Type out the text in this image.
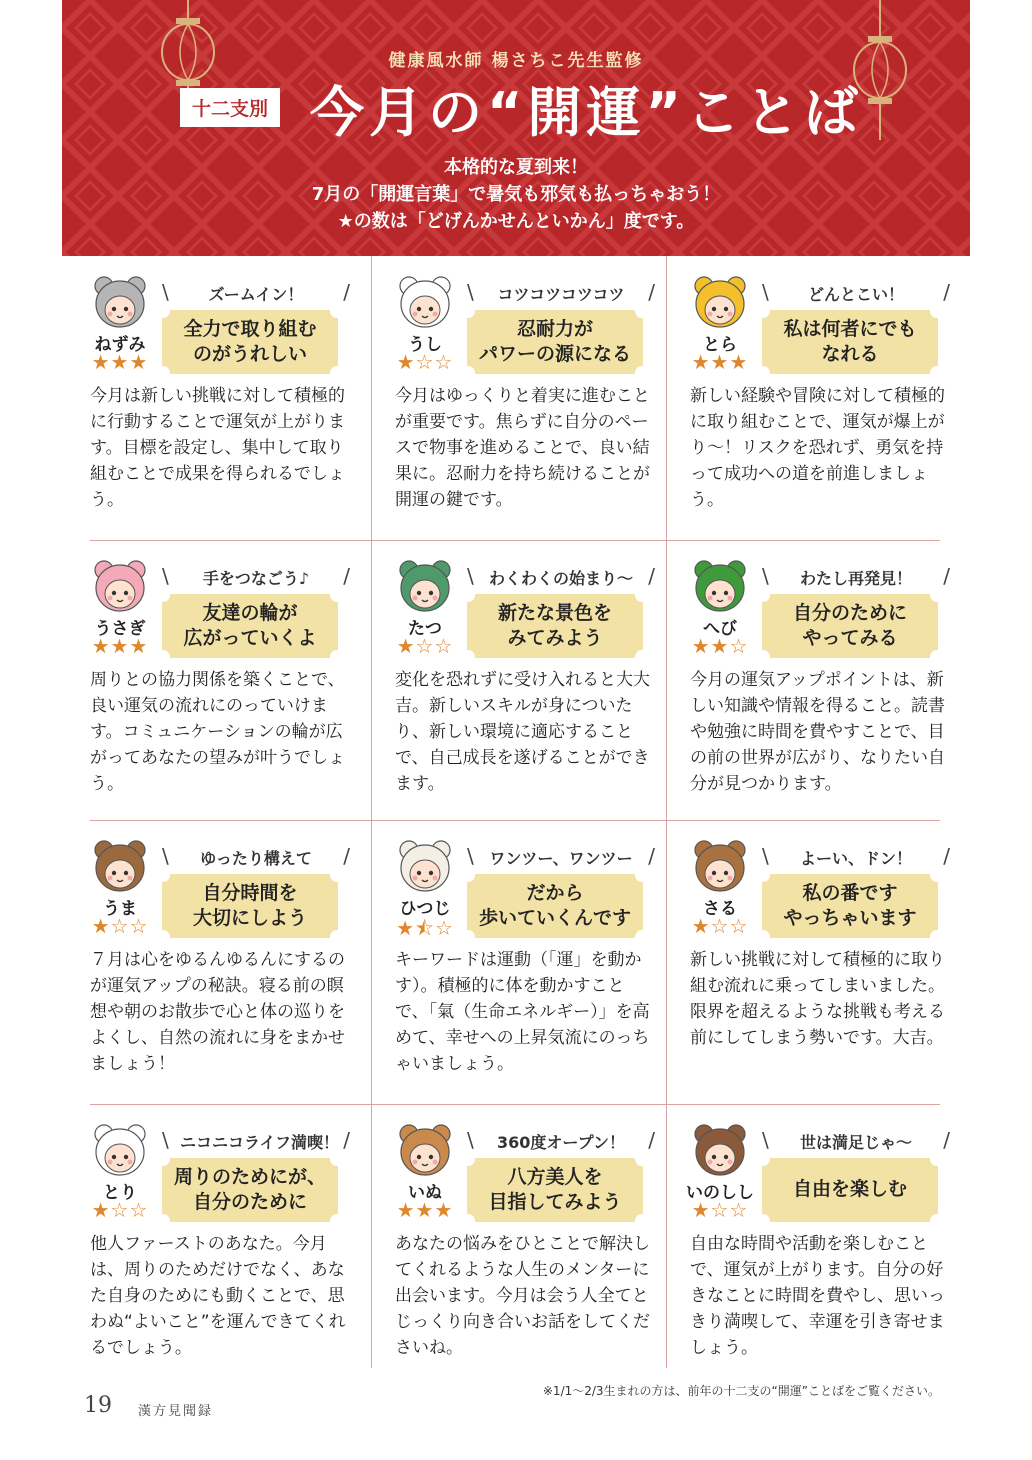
健康風水師 楊さちこ先生監修
十二支別 今月の“開運”ことば
本格的な夏到来！
7月の「開運言葉」で暑気も邪気も払っちゃおう！
★の数は「どげんかせんといかん」度です。
ねずみ
★★★
\	ズームイン！	/
全力で取り組む
のがうれしい
今月は新しい挑戦に対して積極的に行動することで運気が上がります。目標を設定し、集中して取り組むことで成果を得られるでしょう。
うし
★☆☆
\	コツコツコツコツ	/
忍耐力が
パワーの源になる
今月はゆっくりと着実に進むことが重要です。焦らずに自分のペースで物事を進めることで、良い結果に。忍耐力を持ち続けることが開運の鍵です。
とら
★★★
\	どんとこい！	/
私は何者にでも
なれる
新しい経験や冒険に対して積極的に取り組むことで、運気が爆上がり〜！リスクを恐れず、勇気を持って成功への道を前進しましょう。
うさぎ
★★★
\	手をつなごう♪	/
友達の輪が
広がっていくよ
周りとの協力関係を築くことで、良い運気の流れにのっていけます。コミュニケーションの輪が広がってあなたの望みが叶うでしょう。
たつ
★☆☆
\ わくわくの始まり〜 /
新たな景色を
みてみよう
変化を恐れずに受け入れると大大吉。新しいスキルが身についたり、新しい環境に適応することで、自己成長を遂げることができます。
へび
★★☆
\	わたし再発見！	/
自分のために
やってみる
今月の運気アップポイントは、新しい知識や情報を得ること。読書や勉強に時間を費やすことで、目の前の世界が広がり、なりたい自分が見つかります。
うま
★☆☆
\	ゆったり構えて	/
自分時間を
大切にしよう
７月は心をゆるんゆるんにするのが運気アップの秘訣。寝る前の瞑想や朝のお散歩で心と体の巡りをよくし、自然の流れに身をまかせましょう！
ひつじ
★⯪☆
\ ワンツー、ワンツー /
だから
歩いていくんです
キーワードは運動（「運」を動かす）。積極的に体を動かすことで、「氣（生命エネルギー）」を高めて、幸せへの上昇気流にのっちゃいましょう。
さる
★☆☆
\	よーい、ドン！	/
私の番です
やっちゃいます
新しい挑戦に対して積極的に取り組む流れに乗ってしまいました。限界を超えるような挑戦も考える前にしてしまう勢いです。大吉。
とり
★☆☆
\ ニコニコライフ満喫！ /
周りのためにが、
自分のために
他人ファーストのあなた。今月は、周りのためだけでなく、あなた自身のためにも動くことで、思わぬ“よいこと”を運んできてくれるでしょう。
いぬ
★★★
\	360度オープン！	/
八方美人を
目指してみよう
あなたの悩みをひとことで解決してくれるような人生のメンターに出会います。今月は会う人全てとじっくり向き合いお話をしてくださいね。
いのしし
★☆☆
\	世は満足じゃ〜	/
自由を楽しむ
自由な時間や活動を楽しむことで、運気が上がります。自分の好きなことに時間を費やし、思いっきり満喫して、幸運を引き寄せましょう。
※1/1〜2/3生まれの方は、前年の十二支の“開運”ことばをご覧ください。
19 漢方見聞録
